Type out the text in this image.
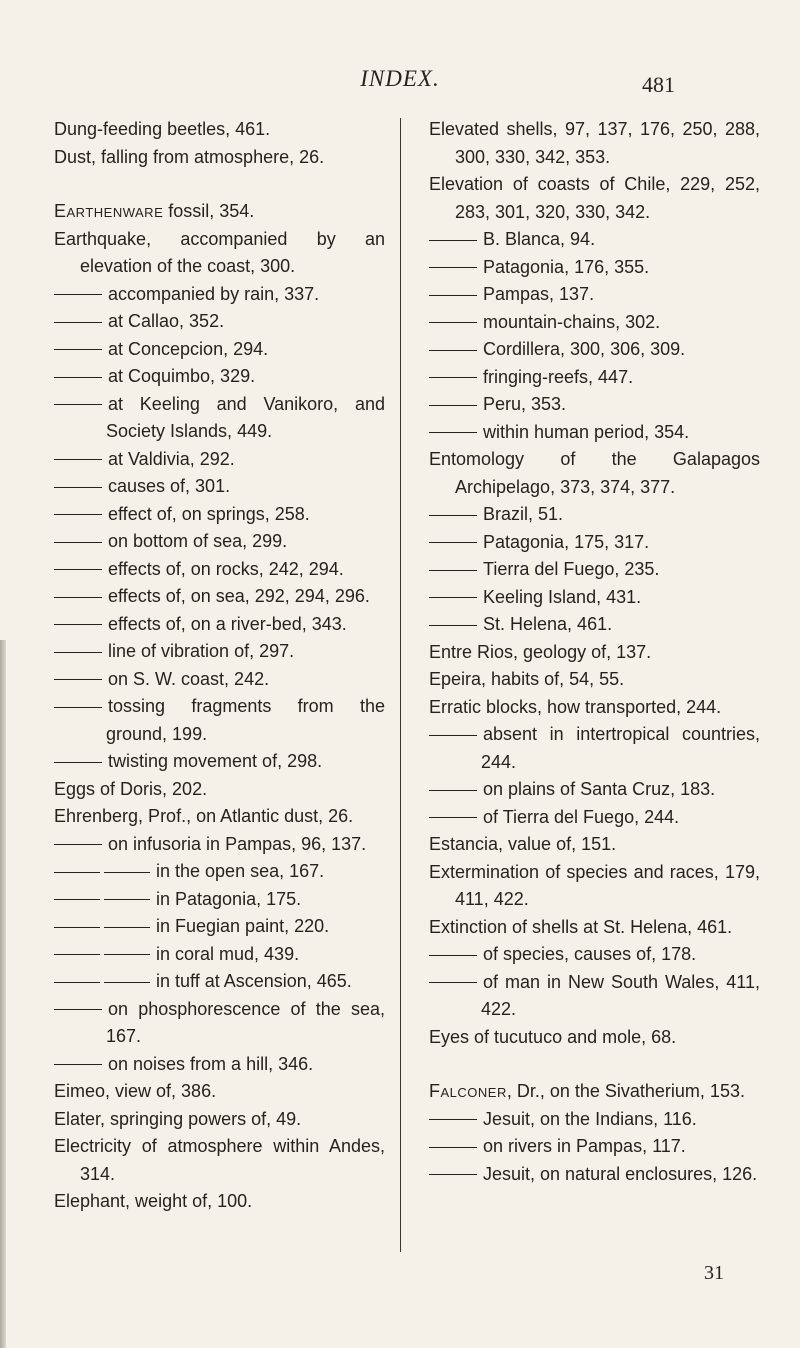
INDEX.	481
Dung-feeding beetles, 461.
Dust, falling from atmosphere, 26.
Earthenware fossil, 354.
Earthquake, accompanied by an elevation of the coast, 300.
accompanied by rain, 337.
at Callao, 352.
at Concepcion, 294.
at Coquimbo, 329.
at Keeling and Vanikoro, and Society Islands, 449.
at Valdivia, 292.
causes of, 301.
effect of, on springs, 258.
on bottom of sea, 299.
effects of, on rocks, 242, 294.
effects of, on sea, 292, 294, 296.
effects of, on a river-bed, 343.
line of vibration of, 297.
on S. W. coast, 242.
tossing fragments from the ground, 199.
twisting movement of, 298.
Eggs of Doris, 202.
Ehrenberg, Prof., on Atlantic dust, 26.
on infusoria in Pampas, 96, 137.
in the open sea, 167.
in Patagonia, 175.
in Fuegian paint, 220.
in coral mud, 439.
in tuff at Ascension, 465.
on phosphorescence of the sea, 167.
on noises from a hill, 346.
Eimeo, view of, 386.
Elater, springing powers of, 49.
Electricity of atmosphere within Andes, 314.
Elephant, weight of, 100.
Elevated shells, 97, 137, 176, 250, 288, 300, 330, 342, 353.
Elevation of coasts of Chile, 229, 252, 283, 301, 320, 330, 342.
B. Blanca, 94.
Patagonia, 176, 355.
Pampas, 137.
mountain-chains, 302.
Cordillera, 300, 306, 309.
fringing-reefs, 447.
Peru, 353.
within human period, 354.
Entomology of the Galapagos Archipelago, 373, 374, 377.
Brazil, 51.
Patagonia, 175, 317.
Tierra del Fuego, 235.
Keeling Island, 431.
St. Helena, 461.
Entre Rios, geology of, 137.
Epeira, habits of, 54, 55.
Erratic blocks, how transported, 244.
absent in intertropical countries, 244.
on plains of Santa Cruz, 183.
of Tierra del Fuego, 244.
Estancia, value of, 151.
Extermination of species and races, 179, 411, 422.
Extinction of shells at St. Helena, 461.
of species, causes of, 178.
of man in New South Wales, 411, 422.
Eyes of tucutuco and mole, 68.
Falconer, Dr., on the Sivatherium, 153.
Jesuit, on the Indians, 116.
on rivers in Pampas, 117.
Jesuit, on natural enclosures, 126.
31
